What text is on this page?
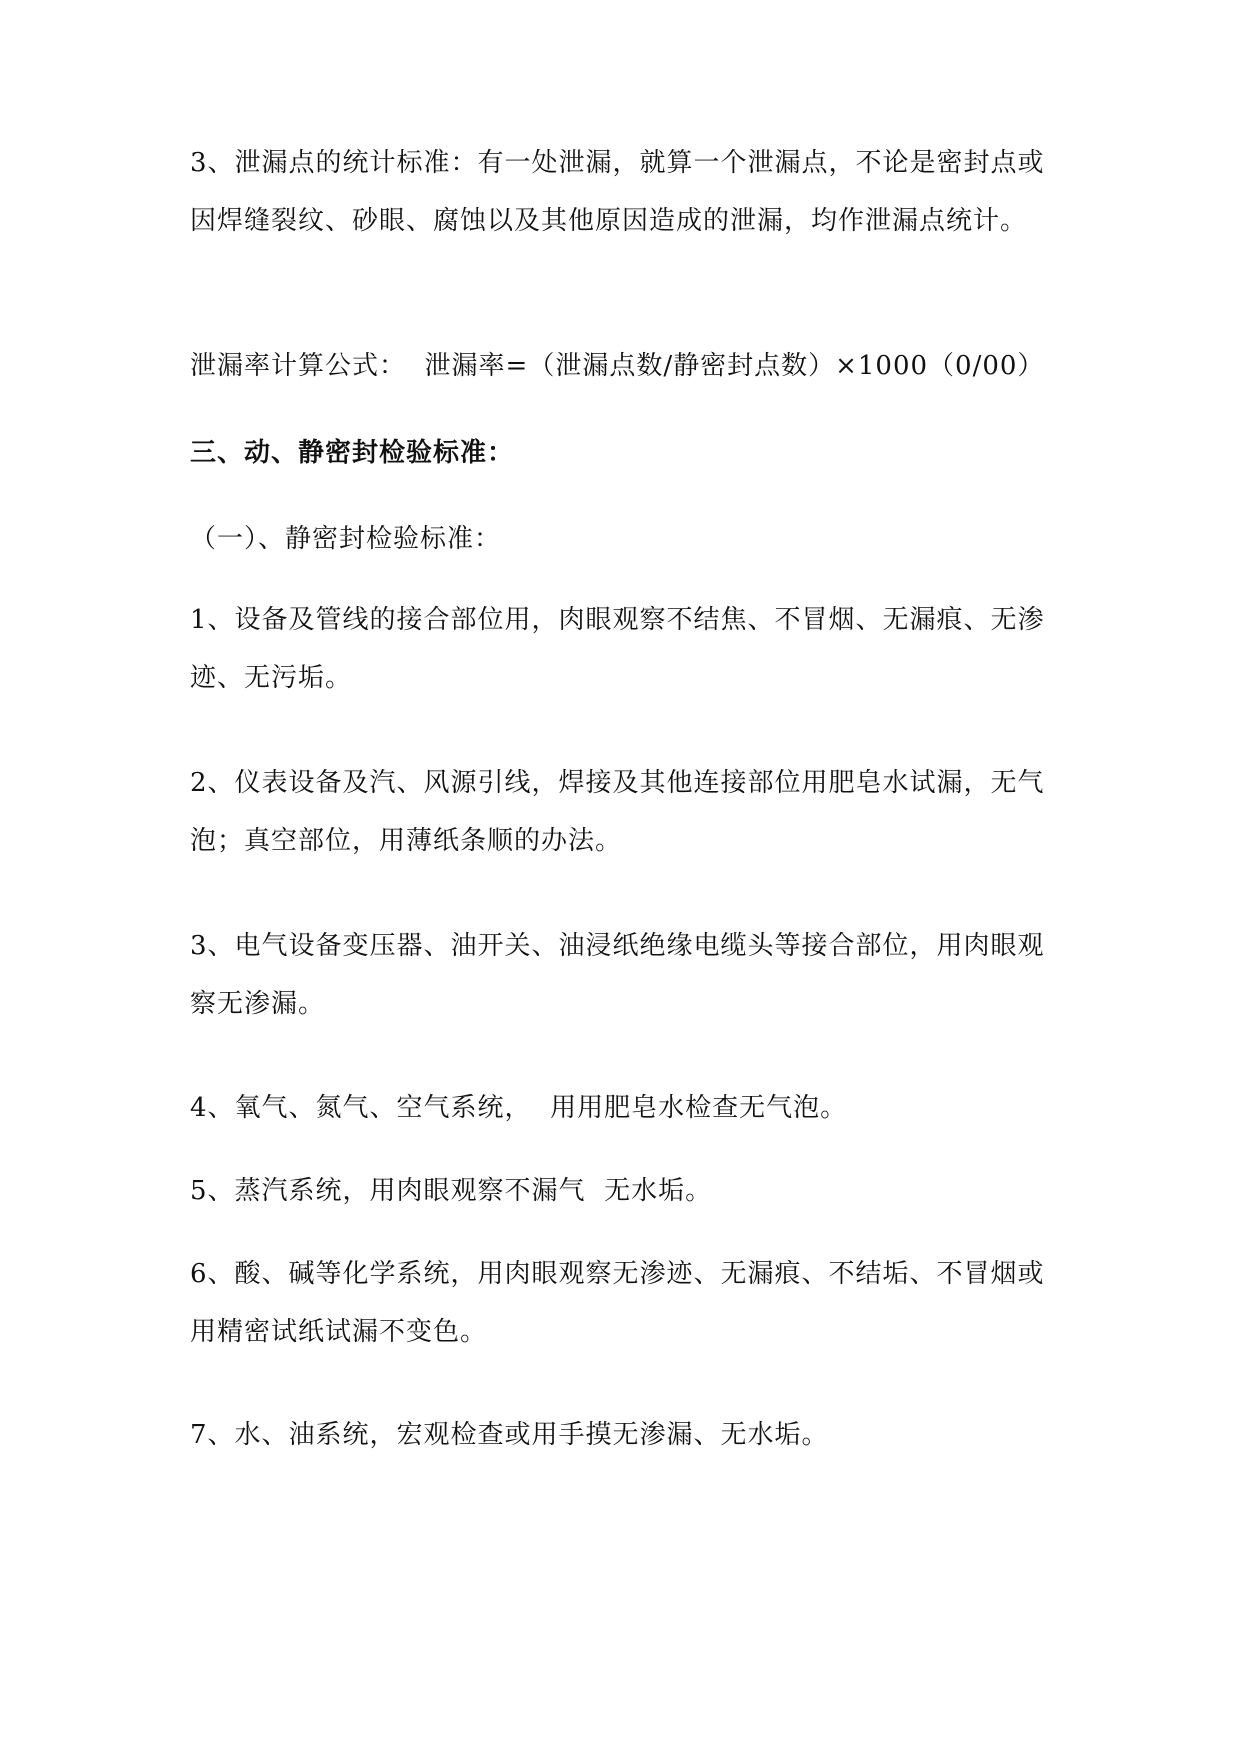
3、泄漏点的统计标准：有一处泄漏，就算一个泄漏点，不论是密封点或因焊缝裂纹、砂眼、腐蚀以及其他原因造成的泄漏，均作泄漏点统计。

泄漏率计算公式：  泄漏率=（泄漏点数/静密封点数）×1000（0/00）

三、动、静密封检验标准：

（一）、静密封检验标准：

1、设备及管线的接合部位用，肉眼观察不结焦、不冒烟、无漏痕、无渗迹、无污垢。

2、仪表设备及汽、风源引线，焊接及其他连接部位用肥皂水试漏，无气泡；真空部位，用薄纸条顺的办法。

3、电气设备变压器、油开关、油浸纸绝缘电缆头等接合部位，用肉眼观察无渗漏。

4、氧气、氮气、空气系统，  用用肥皂水检查无气泡。

5、蒸汽系统，用肉眼观察不漏气  无水垢。

6、酸、碱等化学系统，用肉眼观察无渗迹、无漏痕、不结垢、不冒烟或用精密试纸试漏不变色。

7、水、油系统，宏观检查或用手摸无渗漏、无水垢。
